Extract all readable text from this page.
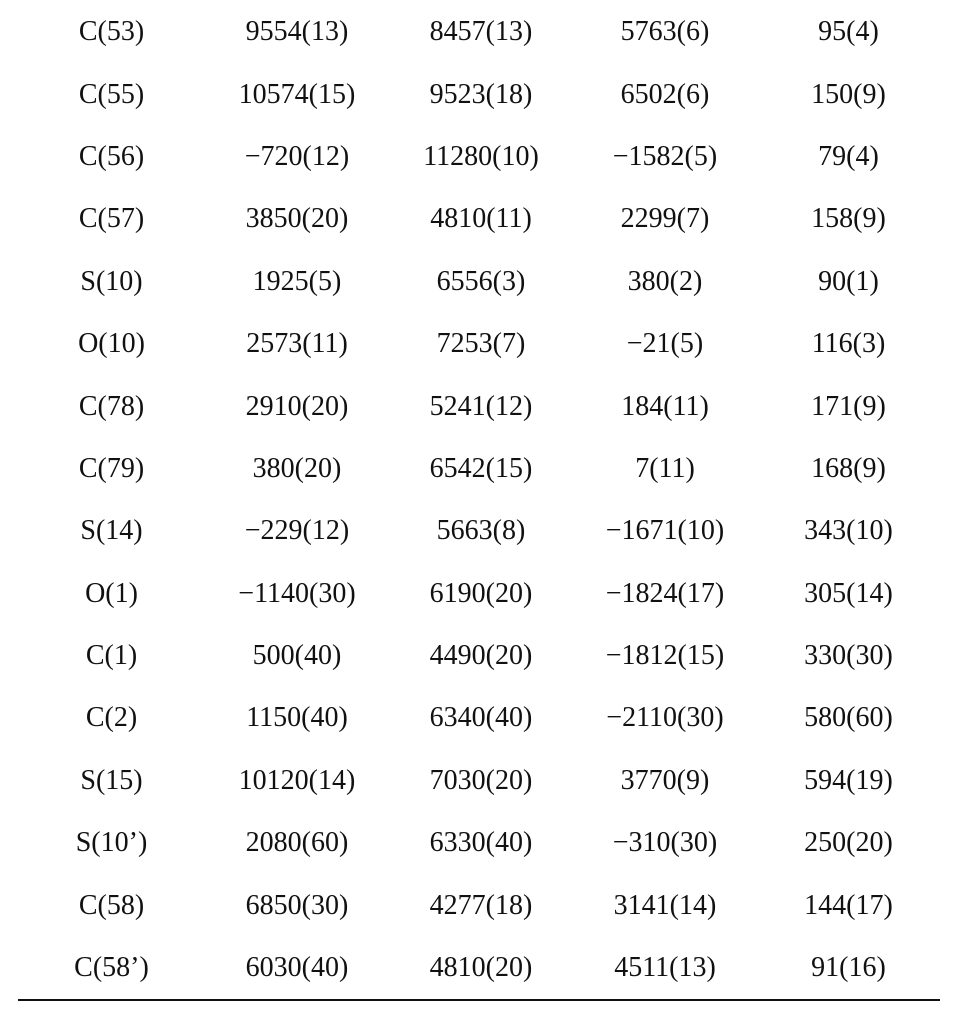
C(53)	9554(13)	8457(13)	5763(6)	95(4)
C(55)	10574(15)	9523(18)	6502(6)	150(9)
C(56)	−720(12)	11280(10)	−1582(5)	79(4)
C(57)	3850(20)	4810(11)	2299(7)	158(9)
S(10)	1925(5)	6556(3)	380(2)	90(1)
O(10)	2573(11)	7253(7)	−21(5)	116(3)
C(78)	2910(20)	5241(12)	184(11)	171(9)
C(79)	380(20)	6542(15)	7(11)	168(9)
S(14)	−229(12)	5663(8)	−1671(10)	343(10)
O(1)	−1140(30)	6190(20)	−1824(17)	305(14)
C(1)	500(40)	4490(20)	−1812(15)	330(30)
C(2)	1150(40)	6340(40)	−2110(30)	580(60)
S(15)	10120(14)	7030(20)	3770(9)	594(19)
S(10’)	2080(60)	6330(40)	−310(30)	250(20)
C(58)	6850(30)	4277(18)	3141(14)	144(17)
C(58’)	6030(40)	4810(20)	4511(13)	91(16)
